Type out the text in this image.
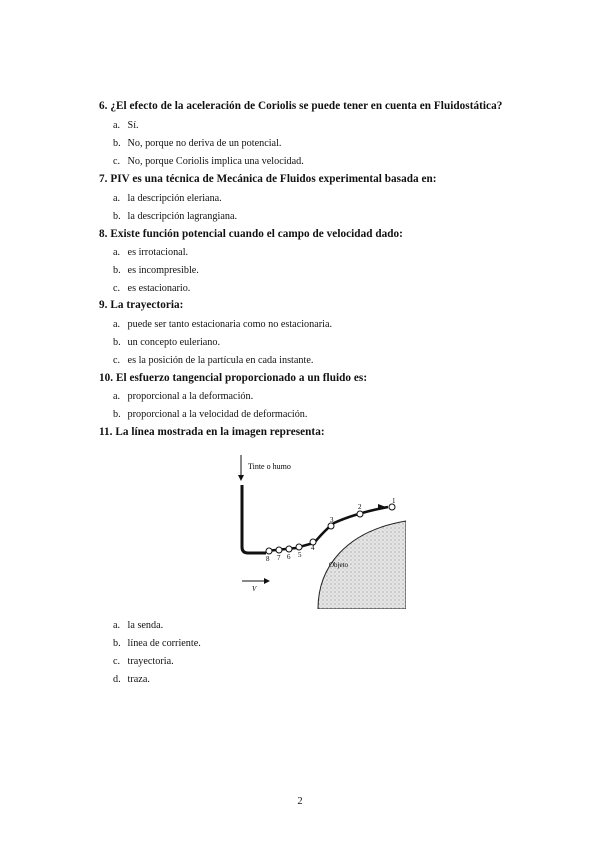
6. ¿El efecto de la aceleración de Coriolis se puede tener en cuenta en Fluidostática?
a. Sí.
b. No, porque no deriva de un potencial.
c. No, porque Coriolis implica una velocidad.
7. PIV es una técnica de Mecánica de Fluidos experimental basada en:
a. la descripción eleriana.
b. la descripción lagrangiana.
8. Existe función potencial cuando el campo de velocidad dado:
a. es irrotacional.
b. es incompresible.
c. es estacionario.
9. La trayectoria:
a. puede ser tanto estacionaria como no estacionaria.
b. un concepto euleriano.
c. es la posición de la partícula en cada instante.
10. El esfuerzo tangencial proporcionado a un fluido es:
a. proporcional a la deformación.
b. proporcional a la velocidad de deformación.
11. La línea mostrada en la imagen representa:
Tinte o humo
Objeto
V
1
2
3
4
5
6
7
8
a. la senda.
b. línea de corriente.
c. trayectoria.
d. traza.
2
